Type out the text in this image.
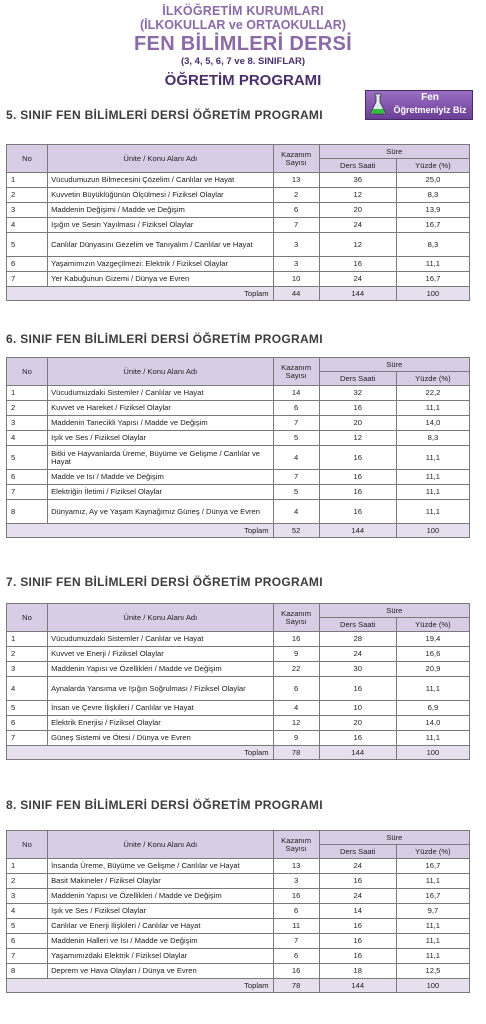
İLKÖĞRETİM KURUMLARI
(İLKOKULLAR ve ORTAOKULLAR)
FEN BİLİMLERİ DERSİ
(3, 4, 5, 6, 7 ve 8. SINIFLAR)
ÖĞRETİM PROGRAMI
Fen
Öğretmeniyiz Biz
5. SINIF FEN BİLİMLERİ DERSİ ÖĞRETİM PROGRAMI
No	Ünite / Konu Alanı Adı	Kazanım Sayısı	Süre	
			Ders Saati	Yüzde (%)
1	Vücudumuzun Bilmecesini Çözelim / Canlılar ve Hayat	13	36	25,0
2	Kuvvetin Büyüklüğünün Ölçülmesi / Fiziksel Olaylar	2	12	8,3
3	Maddenin Değişimi / Madde ve Değişim	6	20	13,9
4	Işığın ve Sesin Yayılması / Fiziksel Olaylar	7	24	16,7
5	Canlılar Dünyasını Gezelim ve Tanıyalım / Canlılar ve Hayat	3	12	8,3
6	Yaşamımızın Vazgeçilmezi: Elektrik / Fiziksel Olaylar	3	16	11,1
7	Yer Kabuğunun Gizemi / Dünya ve Evren	10	24	16,7
Toplam		44	144	100
6. SINIF FEN BİLİMLERİ DERSİ ÖĞRETİM PROGRAMI
No	Ünite / Konu Alanı Adı	Kazanım Sayısı	Süre	
			Ders Saati	Yüzde (%)
1	Vücudumuzdaki Sistemler / Canlılar ve Hayat	14	32	22,2
2	Kuvvet ve Hareket / Fiziksel Olaylar	6	16	11,1
3	Maddenin Tanecikli Yapısı / Madde ve Değişim	7	20	14,0
4	Işık ve Ses / Fiziksel Olaylar	5	12	8,3
5	Bitki ve Hayvanlarda Üreme, Büyüme ve Gelişme / Canlılar ve Hayat	4	16	11,1
6	Madde ve Isı / Madde ve Değişim	7	16	11,1
7	Elektriğin İletimi / Fiziksel Olaylar	5	16	11,1
8	Dünyamız, Ay ve Yaşam Kaynağımız Güneş / Dünya ve Evren	4	16	11,1
Toplam		52	144	100
7. SINIF FEN BİLİMLERİ DERSİ ÖĞRETİM PROGRAMI
No	Ünite / Konu Alanı Adı	Kazanım Sayısı	Süre	
			Ders Saati	Yüzde (%)
1	Vücudumuzdaki Sistemler / Canlılar ve Hayat	16	28	19,4
2	Kuvvet ve Enerji / Fiziksel Olaylar	9	24	16,6
3	Maddenin Yapısı ve Özellikleri / Madde ve Değişim	22	30	20,9
4	Aynalarda Yansıma ve Işığın Soğrulması / Fiziksel Olaylar	6	16	11,1
5	İnsan ve Çevre İlişkileri / Canlılar ve Hayat	4	10	6,9
6	Elektrik Enerjisi / Fiziksel Olaylar	12	20	14,0
7	Güneş Sistemi ve Ötesi / Dünya ve Evren	9	16	11,1
Toplam		78	144	100
8. SINIF FEN BİLİMLERİ DERSİ ÖĞRETİM PROGRAMI
No	Ünite / Konu Alanı Adı	Kazanım Sayısı	Süre	
			Ders Saati	Yüzde (%)
1	İnsanda Üreme, Büyüme ve Gelişme / Canlılar ve Hayat	13	24	16,7
2	Basit Makineler / Fiziksel Olaylar	3	16	11,1
3	Maddenin Yapısı ve Özellikleri / Madde ve Değişim	16	24	16,7
4	Işık ve Ses / Fiziksel Olaylar	6	14	9,7
5	Canlılar ve Enerji İlişkileri / Canlılar ve Hayat	11	16	11,1
6	Maddenin Halleri ve Isı / Madde ve Değişim	7	16	11,1
7	Yaşamımızdaki Elektrik / Fiziksel Olaylar	6	16	11,1
8	Deprem ve Hava Olayları / Dünya ve Evren	16	18	12,5
Toplam		78	144	100
